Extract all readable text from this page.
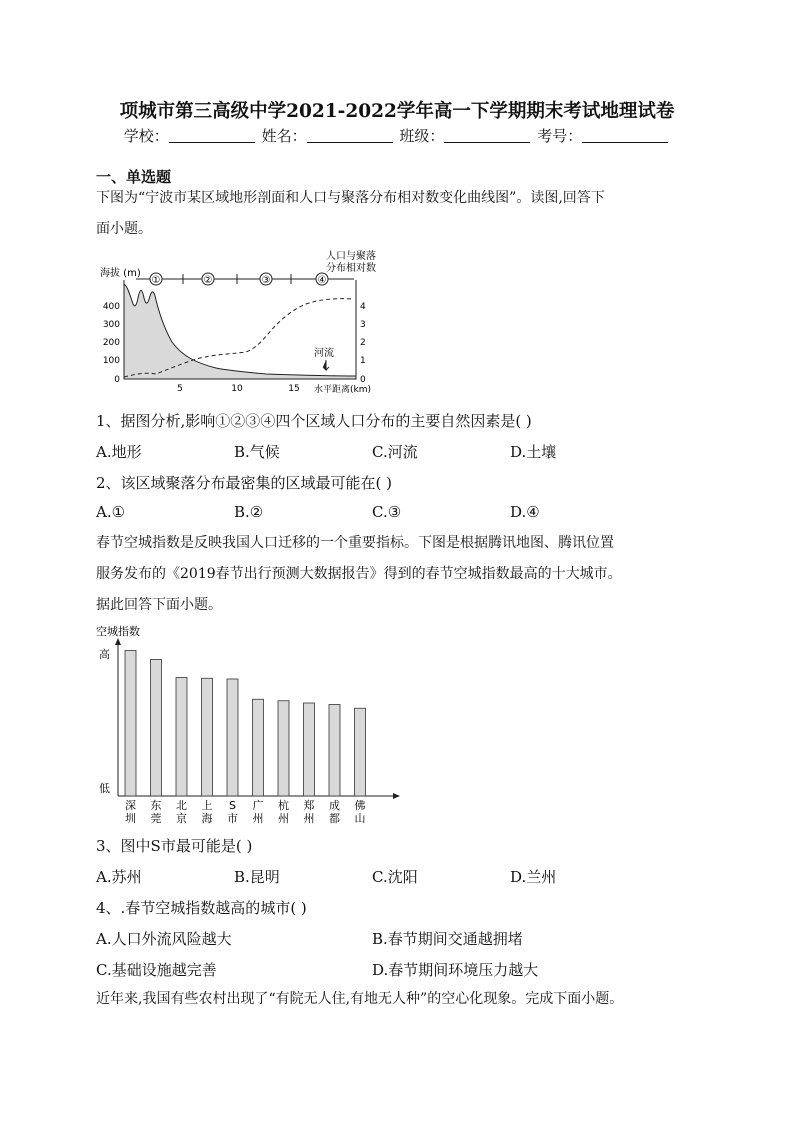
项城市第三高级中学2021-2022学年高一下学期期末考试地理试卷
学校：	姓名：	班级：	考号：
一、单选题
下图为“宁波市某区域地形剖面和人口与聚落分布相对数变化曲线图”。读图,回答下
面小题。
海拔 (m)
人口与聚落
分布相对数
①	②	③	④
河流
400
300
200
100
0
4
3
2
1
0
5	10	15 水平距离(km)
1、据图分析,影响①②③④四个区域人口分布的主要自然因素是( )
A.地形	B.气候	C.河流	D.土壤
2、该区域聚落分布最密集的区域最可能在( )
A.①	B.②	C.③	D.④
春节空城指数是反映我国人口迁移的一个重要指标。下图是根据腾讯地图、腾讯位置
服务发布的《2019春节出行预测大数据报告》得到的春节空城指数最高的十大城市。
据此回答下面小题。
空城指数
高
低
深
圳
东
莞
北
京
上
海
S
市
广
州
杭
州
郑
州
成
都
佛
山
3、图中S市最可能是( )
A.苏州	B.昆明	C.沈阳	D.兰州
4、.春节空城指数越高的城市( )
A.人口外流风险越大	B.春节期间交通越拥堵
C.基础设施越完善	D.春节期间环境压力越大
近年来,我国有些农村出现了“有院无人住,有地无人种”的空心化现象。完成下面小题。
